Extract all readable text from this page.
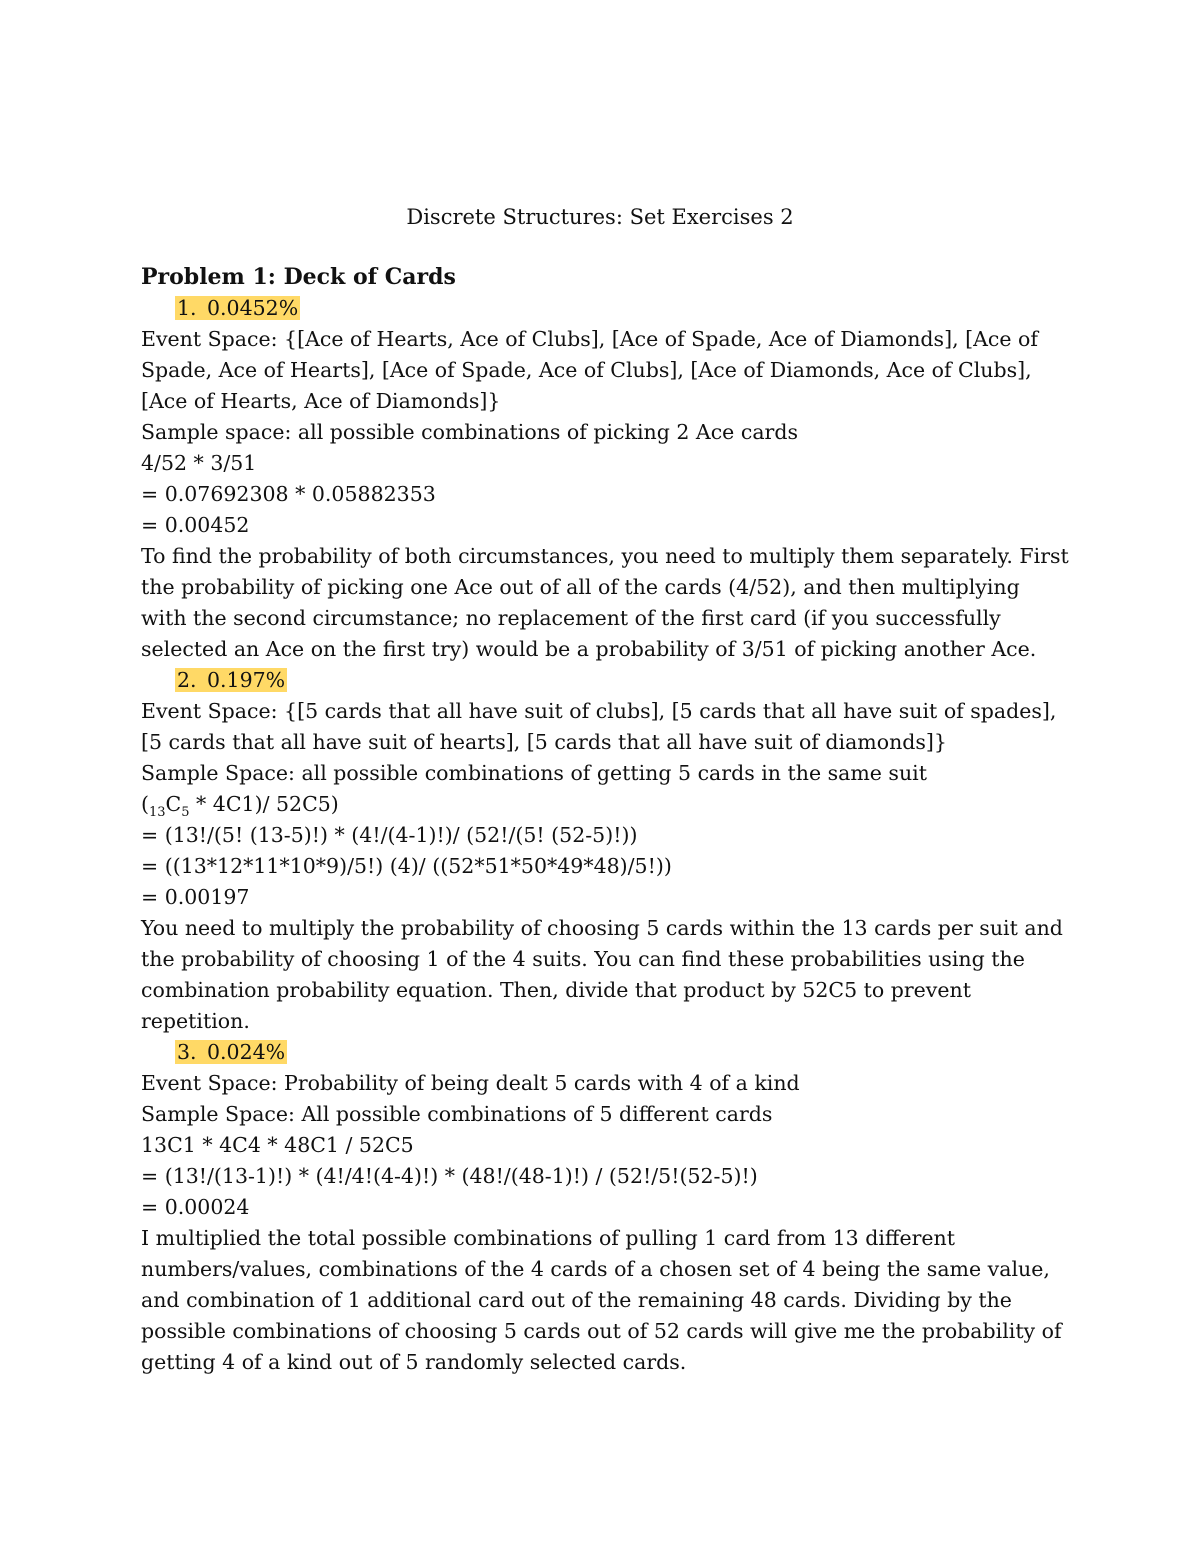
Discrete Structures: Set Exercises 2
Problem 1: Deck of Cards
1. 0.0452%
Event Space: {[Ace of Hearts, Ace of Clubs], [Ace of Spade, Ace of Diamonds], [Ace of
Spade, Ace of Hearts], [Ace of Spade, Ace of Clubs], [Ace of Diamonds, Ace of Clubs],
[Ace of Hearts, Ace of Diamonds]}
Sample space: all possible combinations of picking 2 Ace cards
4/52 * 3/51
= 0.07692308 * 0.05882353
= 0.00452
To find the probability of both circumstances, you need to multiply them separately. First the probability of picking one Ace out of all of the cards (4/52), and then multiplying with the second circumstance; no replacement of the first card (if you successfully selected an Ace on the first try) would be a probability of 3/51 of picking another Ace.
2. 0.197%
Event Space: {[5 cards that all have suit of clubs], [5 cards that all have suit of spades],
[5 cards that all have suit of hearts], [5 cards that all have suit of diamonds]}
Sample Space: all possible combinations of getting 5 cards in the same suit
$(_{13}C_5 * 4C1)/$ 52C5)
= (13!/(5! (13-5)!) * (4!/(4-1)!)/ (52!/(5! (52-5)!))
= ((13*12*11*10*9)/5!) (4)/ ((52*51*50*49*48)/5!))
= 0.00197
You need to multiply the probability of choosing 5 cards within the 13 cards per suit and the probability of choosing 1 of the 4 suits. You can find these probabilities using the combination probability equation. Then, divide that product by 52C5 to prevent repetition.
3. 0.024%
Event Space: Probability of being dealt 5 cards with 4 of a kind
Sample Space: All possible combinations of 5 different cards
13C1 * 4C4 * 48C1 / 52C5
= (13!/(13-1)!) * (4!/4!(4-4)!) * (48!/(48-1)!) / (52!/5!(52-5)!)
= 0.00024
I multiplied the total possible combinations of pulling 1 card from 13 different numbers/values, combinations of the 4 cards of a chosen set of 4 being the same value, and combination of 1 additional card out of the remaining 48 cards. Dividing by the possible combinations of choosing 5 cards out of 52 cards will give me the probability of getting 4 of a kind out of 5 randomly selected cards.
